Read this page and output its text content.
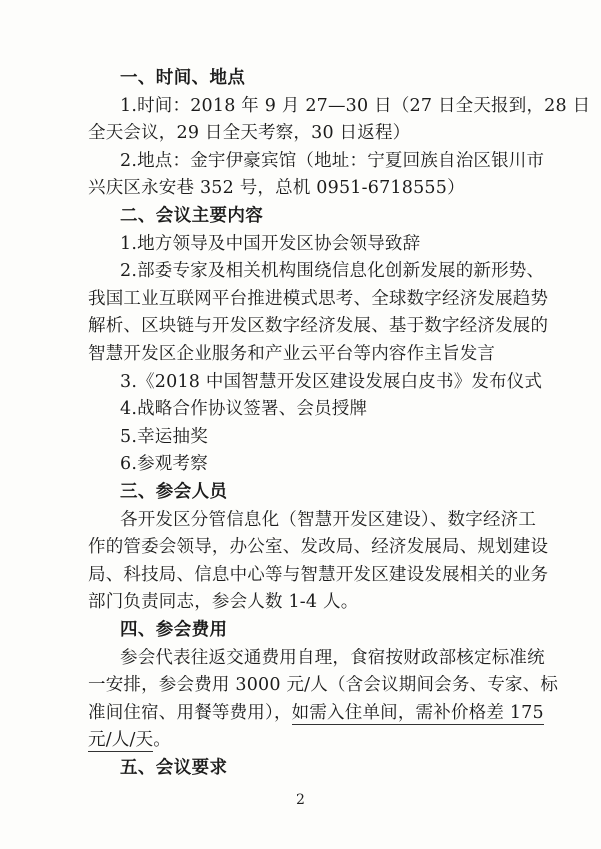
一、时间、地点
1.时间：2018 年 9 月 27—30 日（27 日全天报到，28 日
全天会议，29 日全天考察，30 日返程）
2.地点：金宇伊豪宾馆（地址：宁夏回族自治区银川市
兴庆区永安巷 352 号，总机 0951-6718555）
二、会议主要内容
1.地方领导及中国开发区协会领导致辞
2.部委专家及相关机构围绕信息化创新发展的新形势、
我国工业互联网平台推进模式思考、全球数字经济发展趋势
解析、区块链与开发区数字经济发展、基于数字经济发展的
智慧开发区企业服务和产业云平台等内容作主旨发言
3.《2018 中国智慧开发区建设发展白皮书》发布仪式
4.战略合作协议签署、会员授牌
5.幸运抽奖
6.参观考察
三、参会人员
各开发区分管信息化（智慧开发区建设）、数字经济工
作的管委会领导，办公室、发改局、经济发展局、规划建设
局、科技局、信息中心等与智慧开发区建设发展相关的业务
部门负责同志，参会人数 1-4 人。
四、参会费用
参会代表往返交通费用自理，食宿按财政部核定标准统
一安排，参会费用 3000 元/人（含会议期间会务、专家、标
准间住宿、用餐等费用），如需入住单间，需补价格差 175
元/人/天。
五、会议要求
2
